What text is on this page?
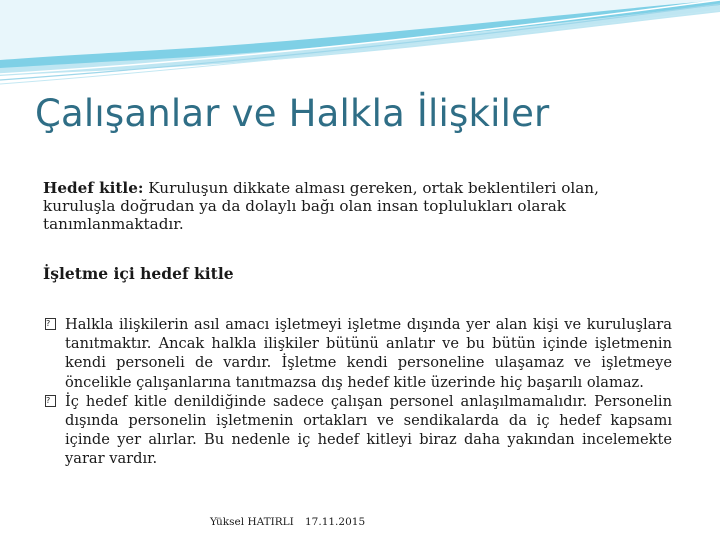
Çalışanlar ve Halkla İlişkiler
Hedef kitle: Kuruluşun dikkate alması gereken, ortak beklentileri olan, kuruluşla doğrudan ya da dolaylı bağı olan insan toplulukları olarak tanımlanmaktadır.
İşletme içi hedef kitle
?	Halkla ilişkilerin asıl amacı işletmeyi işletme dışında yer alan kişi ve kuruluşlara tanıtmaktır. Ancak halkla ilişkiler bütünü anlatır ve bu bütün içinde işletmenin kendi personeli de vardır. İşletme kendi personeline ulaşamaz ve işletmeye öncelikle çalışanlarına tanıtmazsa dış hedef kitle üzerinde hiç başarılı olamaz.
?	İç hedef kitle denildiğinde sadece çalışan personel anlaşılmamalıdır. Personelin dışında personelin işletmenin ortakları ve sendikalarda da iç hedef kapsamı içinde yer alırlar. Bu nedenle iç hedef kitleyi biraz daha yakından incelemekte yarar vardır.
Yüksel HATIRLI 17.11.2015
